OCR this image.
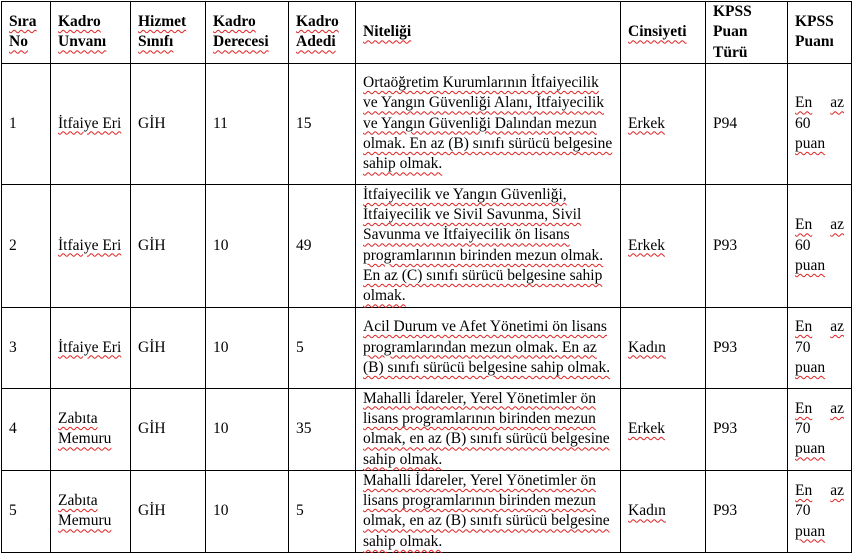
Sıra No	Kadro Unvanı	Hizmet Sınıfı	Kadro Derecesi	Kadro Adedi	Niteliği	Cinsiyeti	KPSS Puan Türü	KPSS Puanı
1	İtfaiye Eri	GİH	11	15	Ortaöğretim Kurumlarının İtfaiyecilik ve Yangın Güvenliği Alanı, İtfaiyecilik ve Yangın Güvenliği Dalından mezun olmak. En az (B) sınıfı sürücü belgesine sahip olmak.	Erkek	P94	En az
60
puan

2	İtfaiye Eri	GİH	10	49	İtfaiyecilik ve Yangın Güvenliği, İtfaiyecilik ve Sivil Savunma, Sivil Savunma ve İtfaiyecilik ön lisans programlarının birinden mezun olmak. En az (C) sınıfı sürücü belgesine sahip olmak.	Erkek	P93	En az
60
puan

3	İtfaiye Eri	GİH	10	5	Acil Durum ve Afet Yönetimi ön lisans programlarından mezun olmak. En az (B) sınıfı sürücü belgesine sahip olmak.	Kadın	P93	En az
70
puan

4	Zabıta Memuru	GİH	10	35	Mahalli İdareler, Yerel Yönetimler ön lisans programlarının birinden mezun olmak, en az (B) sınıfı sürücü belgesine sahip olmak.	Erkek	P93	En az
70
puan

5	Zabıta Memuru	GİH	10	5	Mahalli İdareler, Yerel Yönetimler ön lisans programlarının birinden mezun olmak, en az (B) sınıfı sürücü belgesine sahip olmak.	Kadın	P93	En az
70
puan
